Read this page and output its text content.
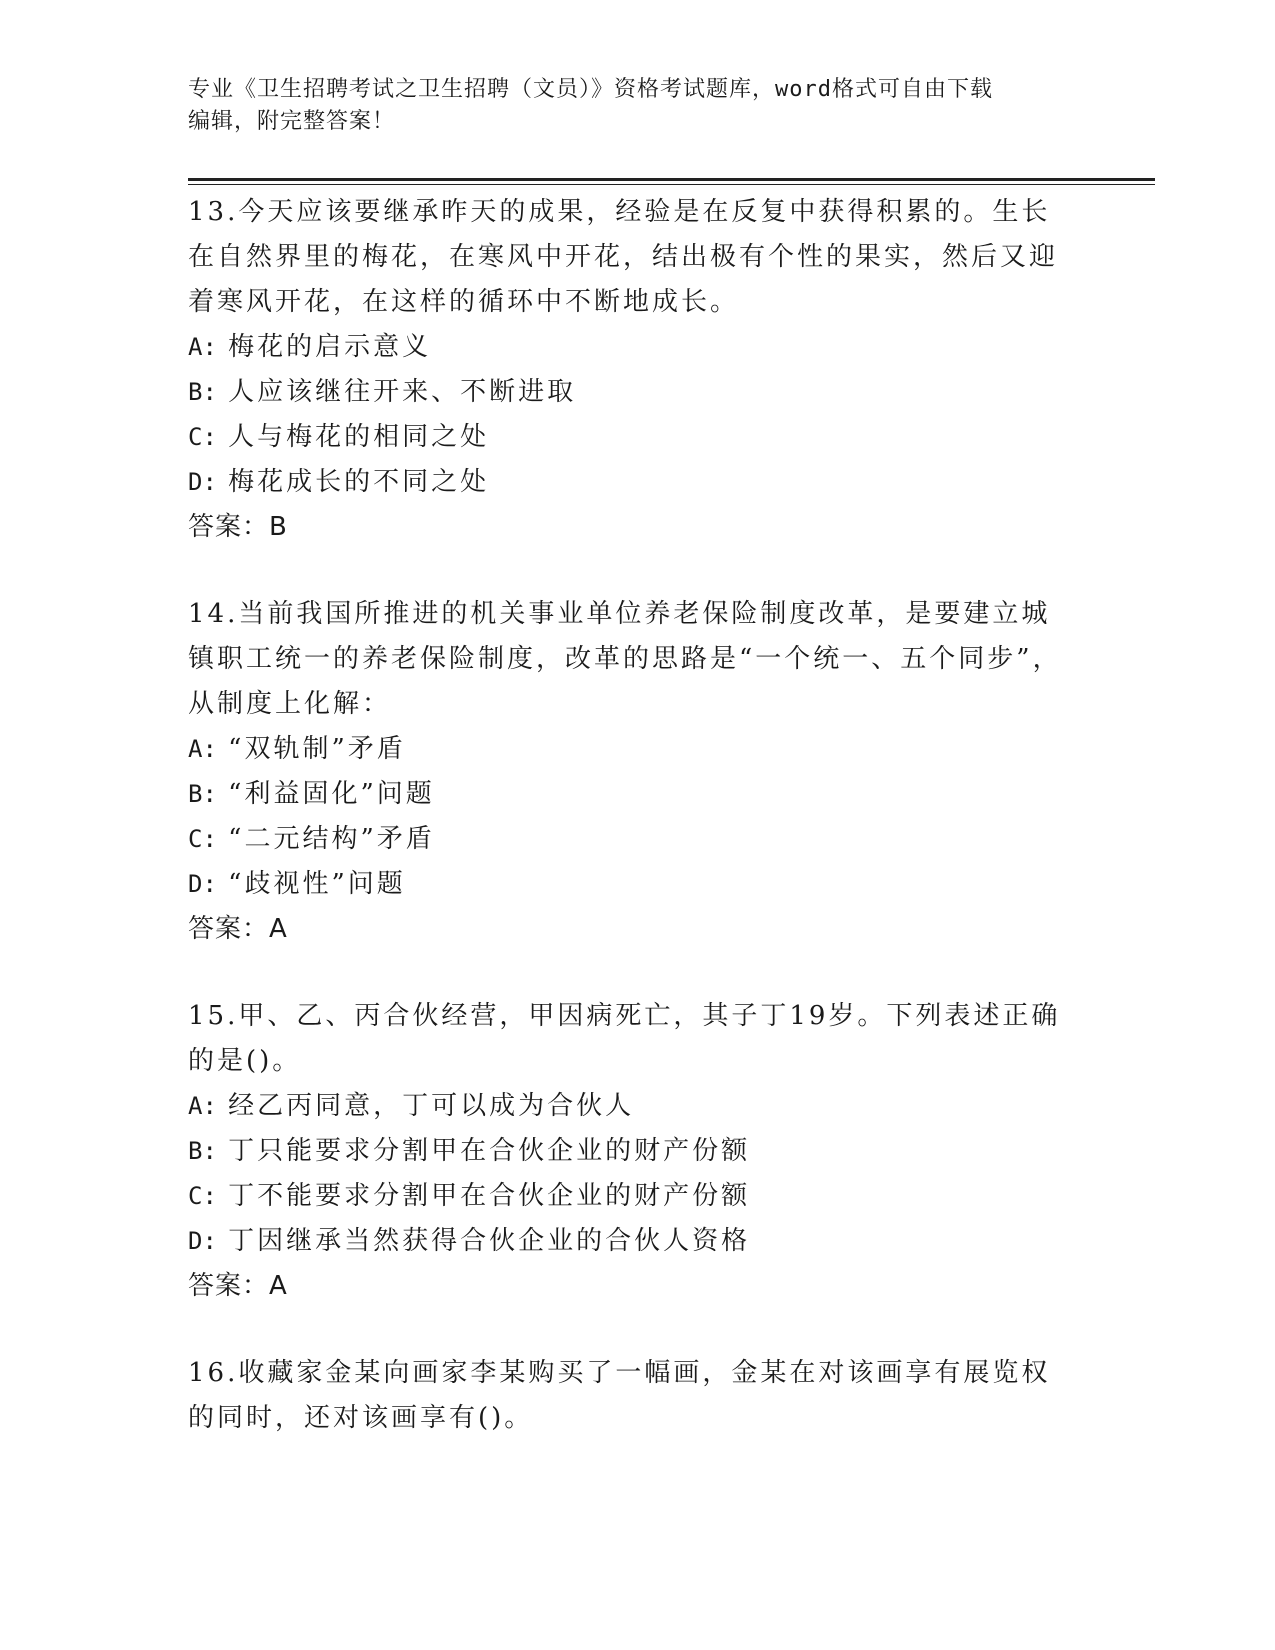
专业《卫生招聘考试之卫生招聘（文员）》资格考试题库，word格式可自由下载
编辑，附完整答案！

13.今天应该要继承昨天的成果，经验是在反复中获得积累的。生长在自然界里的梅花，在寒风中开花，结出极有个性的果实，然后又迎着寒风开花，在这样的循环中不断地成长。

A: 梅花的启示意义

B: 人应该继往开来、不断进取

C: 人与梅花的相同之处

D: 梅花成长的不同之处

答案：B

14.当前我国所推进的机关事业单位养老保险制度改革，是要建立城镇职工统一的养老保险制度，改革的思路是“一个统一、五个同步”，从制度上化解：

A: “双轨制”矛盾

B: “利益固化”问题

C: “二元结构”矛盾

D: “歧视性”问题

答案：A

15.甲、乙、丙合伙经营，甲因病死亡，其子丁19岁。下列表述正确的是()。

A: 经乙丙同意，丁可以成为合伙人

B: 丁只能要求分割甲在合伙企业的财产份额

C: 丁不能要求分割甲在合伙企业的财产份额

D: 丁因继承当然获得合伙企业的合伙人资格

答案：A

16.收藏家金某向画家李某购买了一幅画，金某在对该画享有展览权的同时，还对该画享有()。
